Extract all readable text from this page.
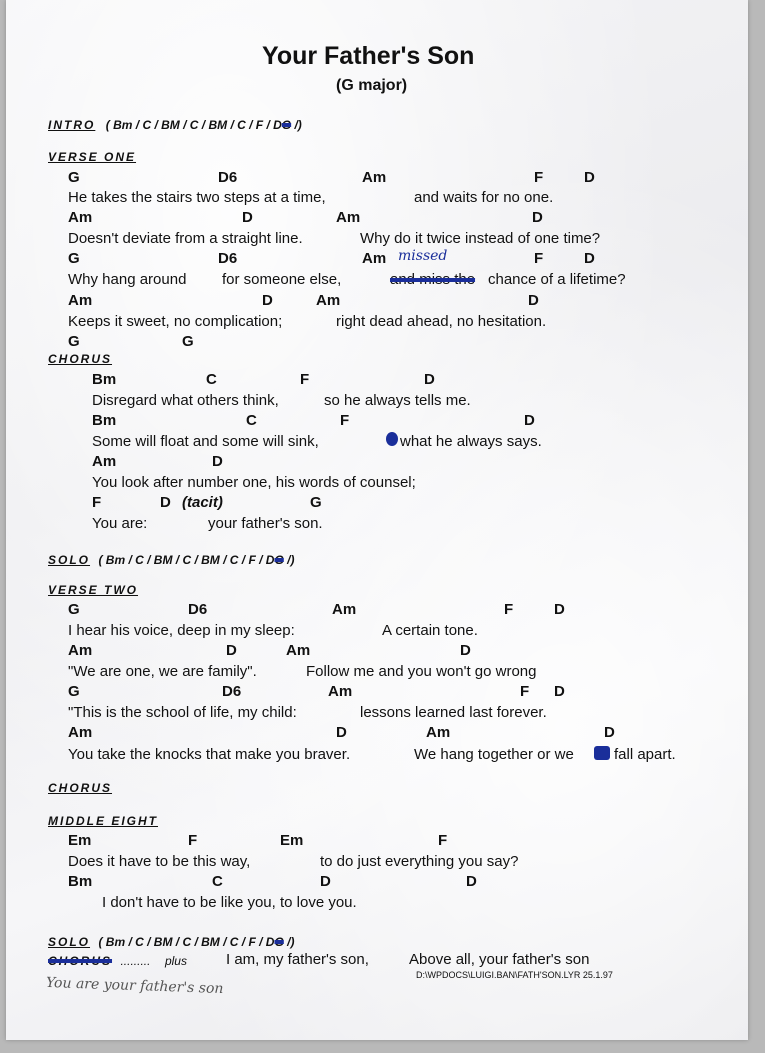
Your Father's Son
(G major)
INTRO ( Bm / C / BM / C / BM / C / F / DG /)
VERSE ONE
G	D6	Am	F	D
He takes the stairs two steps at a time,	and waits for no one.
Am	D	Am	D
Doesn't deviate from a straight line.	Why do it twice instead of one time?
G	D6	Am missed	F	D
Why hang around for someone else,	and miss the chance of a lifetime?
Am	D	Am	D
Keeps it sweet, no complication;	right dead ahead, no hesitation.
G	G
CHORUS
Bm	C	F	D
Disregard what others think,	so he always tells me.
Bm	C	F	D
Some will float and some will sink,	what he always says.
Am	D
You look after number one, his words of counsel;
F	D (tacit)	G
You are:	your father's son.
SOLO ( Bm / C / BM / C / BM / C / F / DG /)
VERSE TWO
G	D6	Am	F	D
I hear his voice, deep in my sleep:	A certain tone.
Am	D	Am	D
"We are one, we are family".	Follow me and you won't go wrong
G	D6	Am	F D
"This is the school of life, my child:	lessons learned last forever.
Am	D	Am	D
You take the knocks that make you braver.	We hang together or we	fall apart.
CHORUS
MIDDLE EIGHT
Em	F	Em	F
Does it have to be this way,	to do just everything you say?
Bm	C	D	D
I don't have to be like you, to love you.
SOLO ( Bm / C / BM / C / BM / C / F / DG /)
CHORUS ......... plus	I am, my father's son,	Above all, your father's son
D:\WPDOCS\LUIGI.BAN\FATH'SON.LYR 25.1.97
You are your father's son
